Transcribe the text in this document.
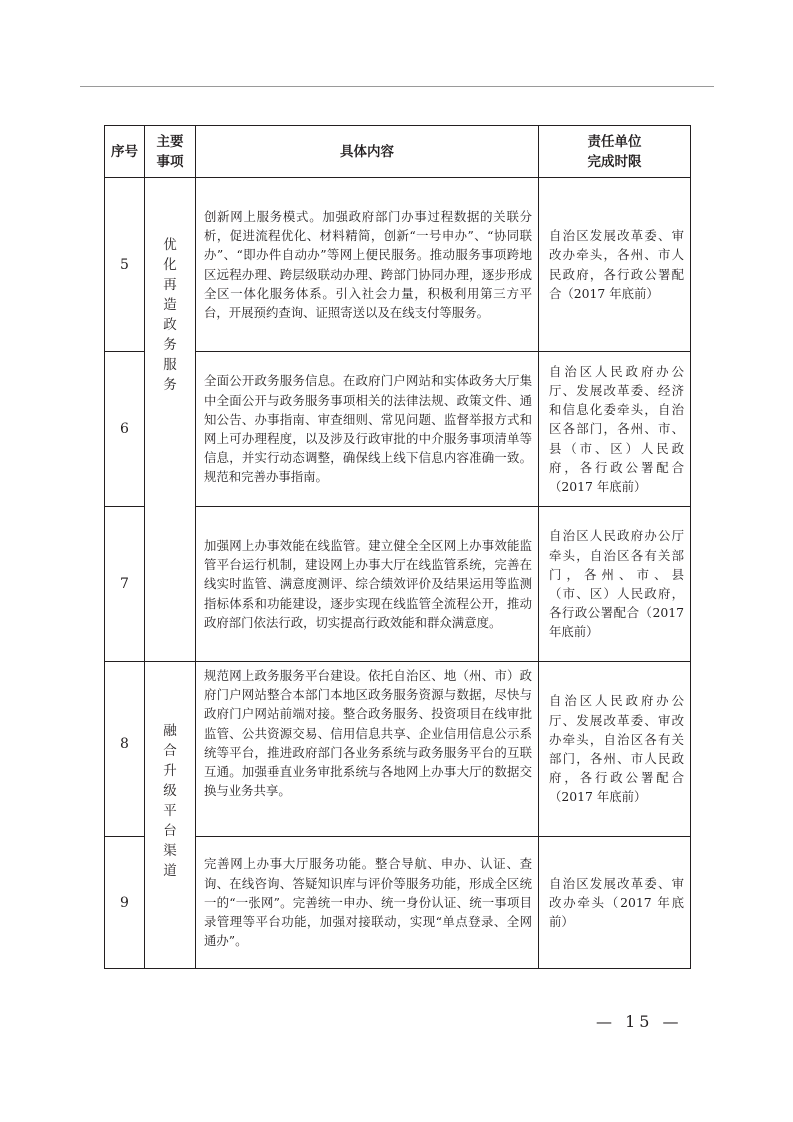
序号	主要事项	具体内容	责任单位完成时限

5	优化再造政务服务	创新网上服务模式。加强政府部门办事过程数据的关联分析，促进流程优化、材料精简，创新“一号申办”、“协同联办”、“即办件自动办”等网上便民服务。推动服务事项跨地区远程办理、跨层级联动办理、跨部门协同办理，逐步形成全区一体化服务体系。引入社会力量，积极利用第三方平台，开展预约查询、证照寄送以及在线支付等服务。	自治区发展改革委、审改办牵头，各州、市人民政府，各行政公署配合（2017 年底前）
6		全面公开政务服务信息。在政府门户网站和实体政务大厅集中全面公开与政务服务事项相关的法律法规、政策文件、通知公告、办事指南、审查细则、常见问题、监督举报方式和网上可办理程度，以及涉及行政审批的中介服务事项清单等信息，并实行动态调整，确保线上线下信息内容准确一致。规范和完善办事指南。	自治区人民政府办公厅、发展改革委、经济和信息化委牵头，自治区各部门，各州、市、县（市、区）人民政府，各行政公署配合（2017 年底前）
7		加强网上办事效能在线监管。建立健全全区网上办事效能监管平台运行机制，建设网上办事大厅在线监管系统，完善在线实时监管、满意度测评、综合绩效评价及结果运用等监测指标体系和功能建设，逐步实现在线监管全流程公开，推动政府部门依法行政，切实提高行政效能和群众满意度。	自治区人民政府办公厅牵头，自治区各有关部门，各州、市、县（市、区）人民政府，各行政公署配合（2017 年底前）
8	融合升级平台渠道	规范网上政务服务平台建设。依托自治区、地（州、市）政府门户网站整合本部门本地区政务服务资源与数据，尽快与政府门户网站前端对接。整合政务服务、投资项目在线审批监管、公共资源交易、信用信息共享、企业信用信息公示系统等平台，推进政府部门各业务系统与政务服务平台的互联互通。加强垂直业务审批系统与各地网上办事大厅的数据交换与业务共享。	自治区人民政府办公厅、发展改革委、审改办牵头，自治区各有关部门，各州、市人民政府，各行政公署配合（2017 年底前）
9		完善网上办事大厅服务功能。整合导航、申办、认证、查询、在线咨询、答疑知识库与评价等服务功能，形成全区统一的“一张网”。完善统一申办、统一身份认证、统一事项目录管理等平台功能，加强对接联动，实现“单点登录、全网通办”。	自治区发展改革委、审改办牵头（2017 年底前）
— 15 —
